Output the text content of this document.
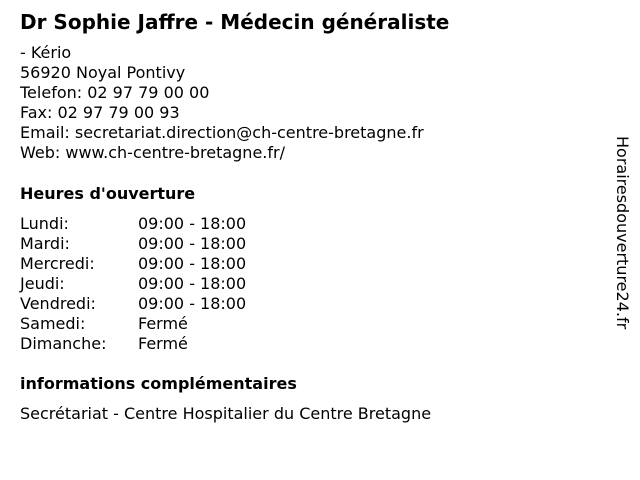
Dr Sophie Jaffre - Médecin généraliste
- Kério
56920 Noyal Pontivy
Telefon: 02 97 79 00 00
Fax: 02 97 79 00 93
Email: secretariat.direction@ch-centre-bretagne.fr
Web: www.ch-centre-bretagne.fr/
Heures d'ouverture
Lundi:	09:00 - 18:00
Mardi:	09:00 - 18:00
Mercredi:	09:00 - 18:00
Jeudi:	09:00 - 18:00
Vendredi:	09:00 - 18:00
Samedi:	Fermé
Dimanche: Fermé
informations complémentaires
Secrétariat - Centre Hospitalier du Centre Bretagne
Horairesdouverture24.fr
